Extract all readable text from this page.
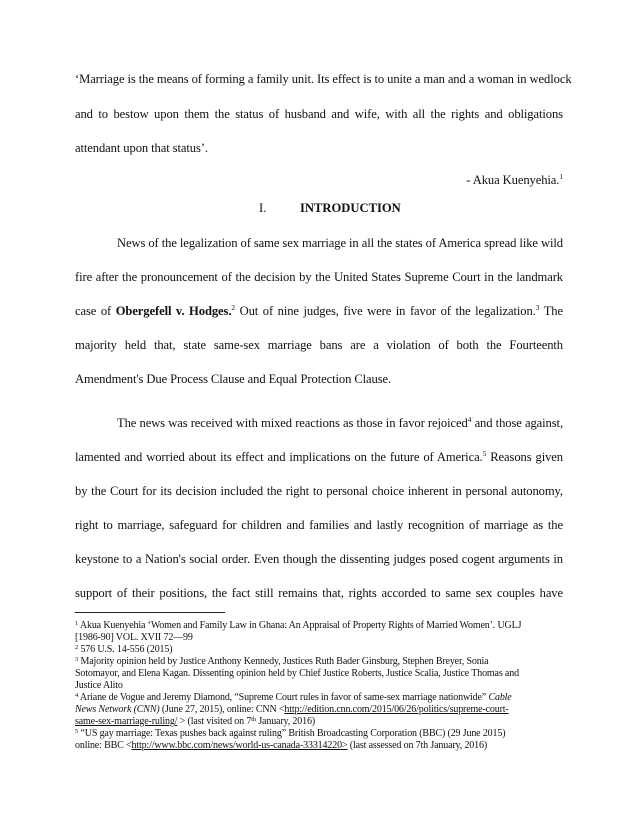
‘Marriage is the means of forming a family unit. Its effect is to unite a man and a woman in wedlock
and to bestow upon them the status of husband and wife, with all the rights and obligations
attendant upon that status’.
- Akua Kuenyehia.$^1$
I.	INTRODUCTION
News of the legalization of same sex marriage in all the states of America spread like wild
fire after the pronouncement of the decision by the United States Supreme Court in the landmark
case of Obergefell v. Hodges.$^2$ Out of nine judges, five were in favor of the legalization.$^3$ The
majority held that, state same-sex marriage bans are a violation of both the Fourteenth
Amendment's Due Process Clause and Equal Protection Clause.
The news was received with mixed reactions as those in favor rejoiced$^4$ and those against,
lamented and worried about its effect and implications on the future of America.$^5$ Reasons given
by the Court for its decision included the right to personal choice inherent in personal autonomy,
right to marriage, safeguard for children and families and lastly recognition of marriage as the
keystone to a Nation's social order. Even though the dissenting judges posed cogent arguments in
support of their positions, the fact still remains that, rights accorded to same sex couples have
$^1$ Akua Kuenyehia ‘Women and Family Law in Ghana: An Appraisal of Property Rights of Married Women’. UGLJ
[1986-90] VOL. XVII 72—99
$^2$ 576 U.S. 14-556 (2015)
$^3$ Majority opinion held by Justice Anthony Kennedy, Justices Ruth Bader Ginsburg, Stephen Breyer, Sonia
Sotomayor, and Elena Kagan. Dissenting opinion held by Chief Justice Roberts, Justice Scalia, Justice Thomas and
Justice Alito
$^4$ Ariane de Vogue and Jeremy Diamond, “Supreme Court rules in favor of same-sex marriage nationwide” Cable
News Network (CNN) (June 27, 2015), online: CNN <http://edition.cnn.com/2015/06/26/politics/supreme-court-
same-sex-marriage-ruling/ > (last visited on 7th January, 2016)
$^5$ “US gay marriage: Texas pushes back against ruling” British Broadcasting Corporation (BBC) (29 June 2015)
online: BBC <http://www.bbc.com/news/world-us-canada-33314220> (last assessed on 7th January, 2016)
